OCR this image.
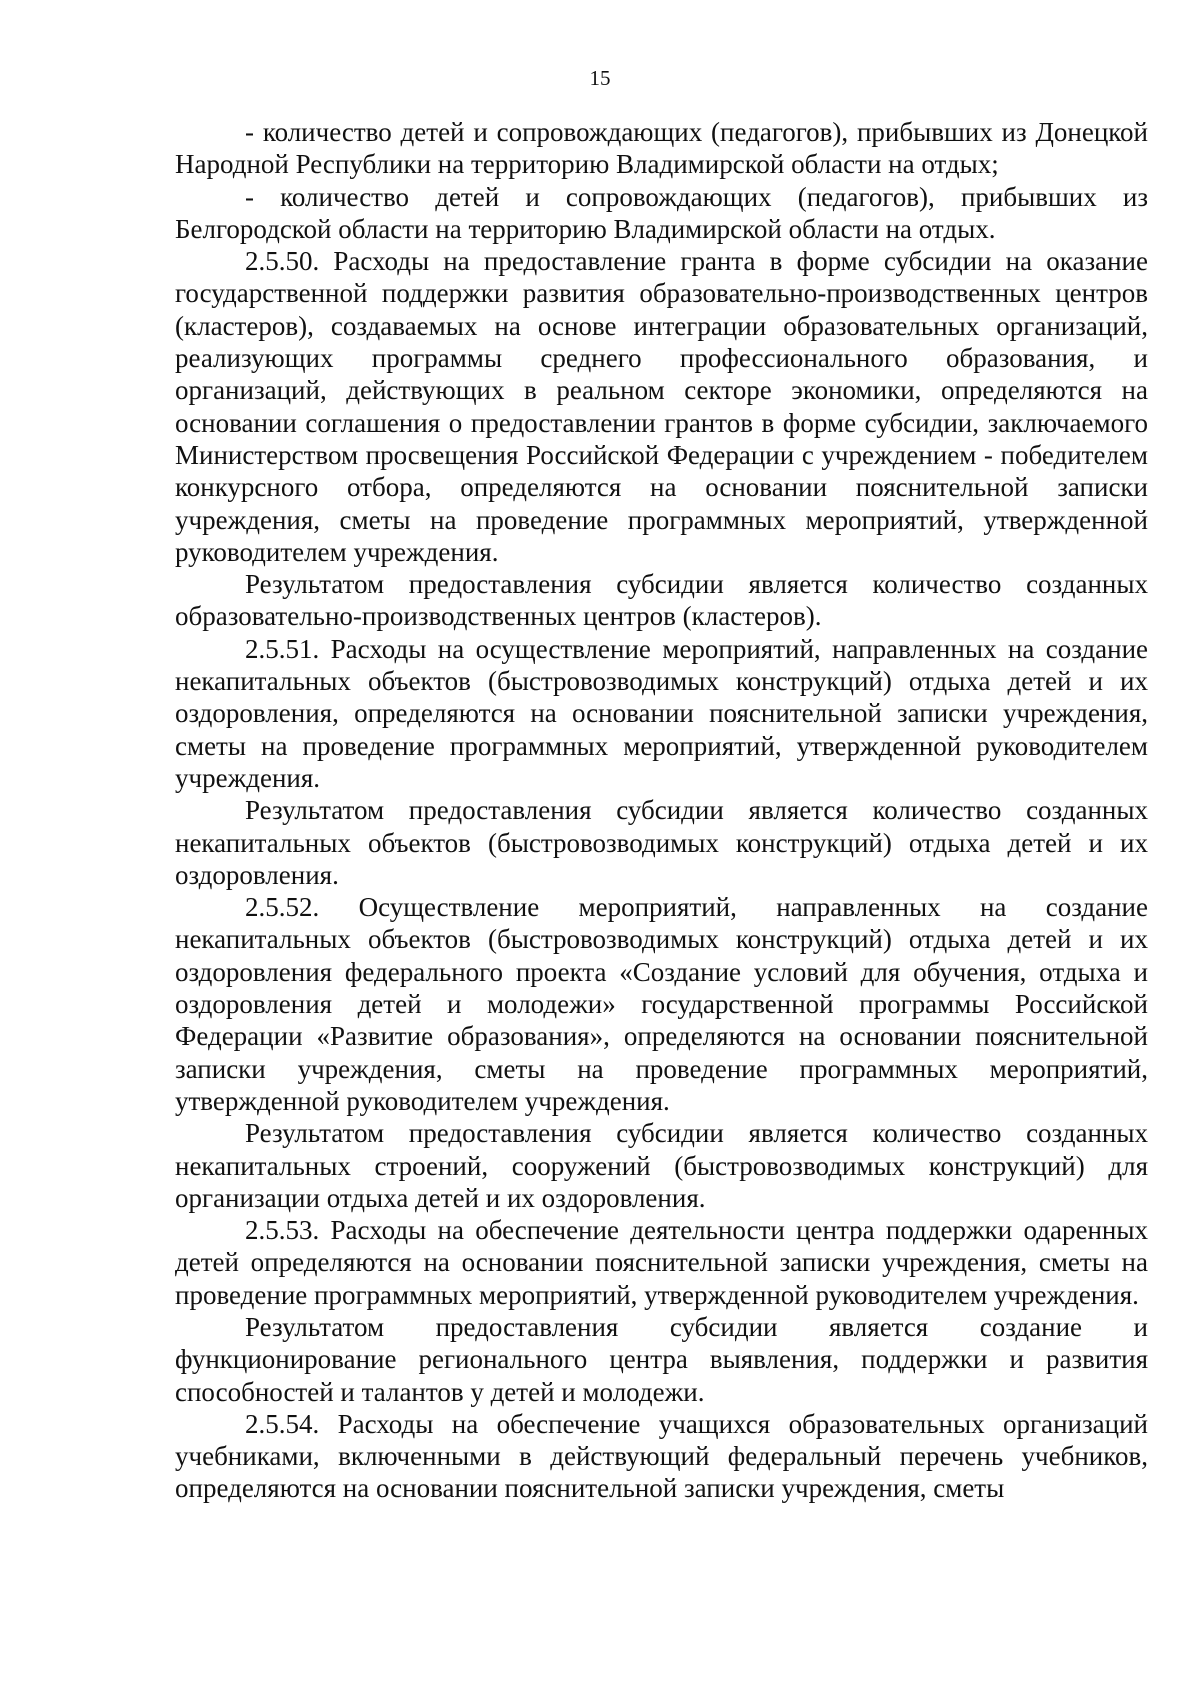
15

- количество детей и сопровождающих (педагогов), прибывших из Донецкой Народной Республики на территорию Владимирской области на отдых;

- количество детей и сопровождающих (педагогов), прибывших из Белгородской области на территорию Владимирской области на отдых.

2.5.50. Расходы на предоставление гранта в форме субсидии на оказание государственной поддержки развития образовательно-производственных центров (кластеров), создаваемых на основе интеграции образовательных организаций, реализующих программы среднего профессионального образования, и организаций, действующих в реальном секторе экономики, определяются на основании соглашения о предоставлении грантов в форме субсидии, заключаемого Министерством просвещения Российской Федерации с учреждением - победителем конкурсного отбора, определяются на основании пояснительной записки учреждения, сметы на проведение программных мероприятий, утвержденной руководителем учреждения.

Результатом предоставления субсидии является количество созданных образовательно-производственных центров (кластеров).

2.5.51. Расходы на осуществление мероприятий, направленных на создание некапитальных объектов (быстровозводимых конструкций) отдыха детей и их оздоровления, определяются на основании пояснительной записки учреждения, сметы на проведение программных мероприятий, утвержденной руководителем учреждения.

Результатом предоставления субсидии является количество созданных некапитальных объектов (быстровозводимых конструкций) отдыха детей и их оздоровления.

2.5.52. Осуществление мероприятий, направленных на создание некапитальных объектов (быстровозводимых конструкций) отдыха детей и их оздоровления федерального проекта «Создание условий для обучения, отдыха и оздоровления детей и молодежи» государственной программы Российской Федерации «Развитие образования», определяются на основании пояснительной записки учреждения, сметы на проведение программных мероприятий, утвержденной руководителем учреждения.

Результатом предоставления субсидии является количество созданных некапитальных строений, сооружений (быстровозводимых конструкций) для организации отдыха детей и их оздоровления.

2.5.53. Расходы на обеспечение деятельности центра поддержки одаренных детей определяются на основании пояснительной записки учреждения, сметы на проведение программных мероприятий, утвержденной руководителем учреждения.

Результатом предоставления субсидии является создание и функционирование регионального центра выявления, поддержки и развития способностей и талантов у детей и молодежи.

2.5.54. Расходы на обеспечение учащихся образовательных организаций учебниками, включенными в действующий федеральный перечень учебников, определяются на основании пояснительной записки учреждения, сметы
